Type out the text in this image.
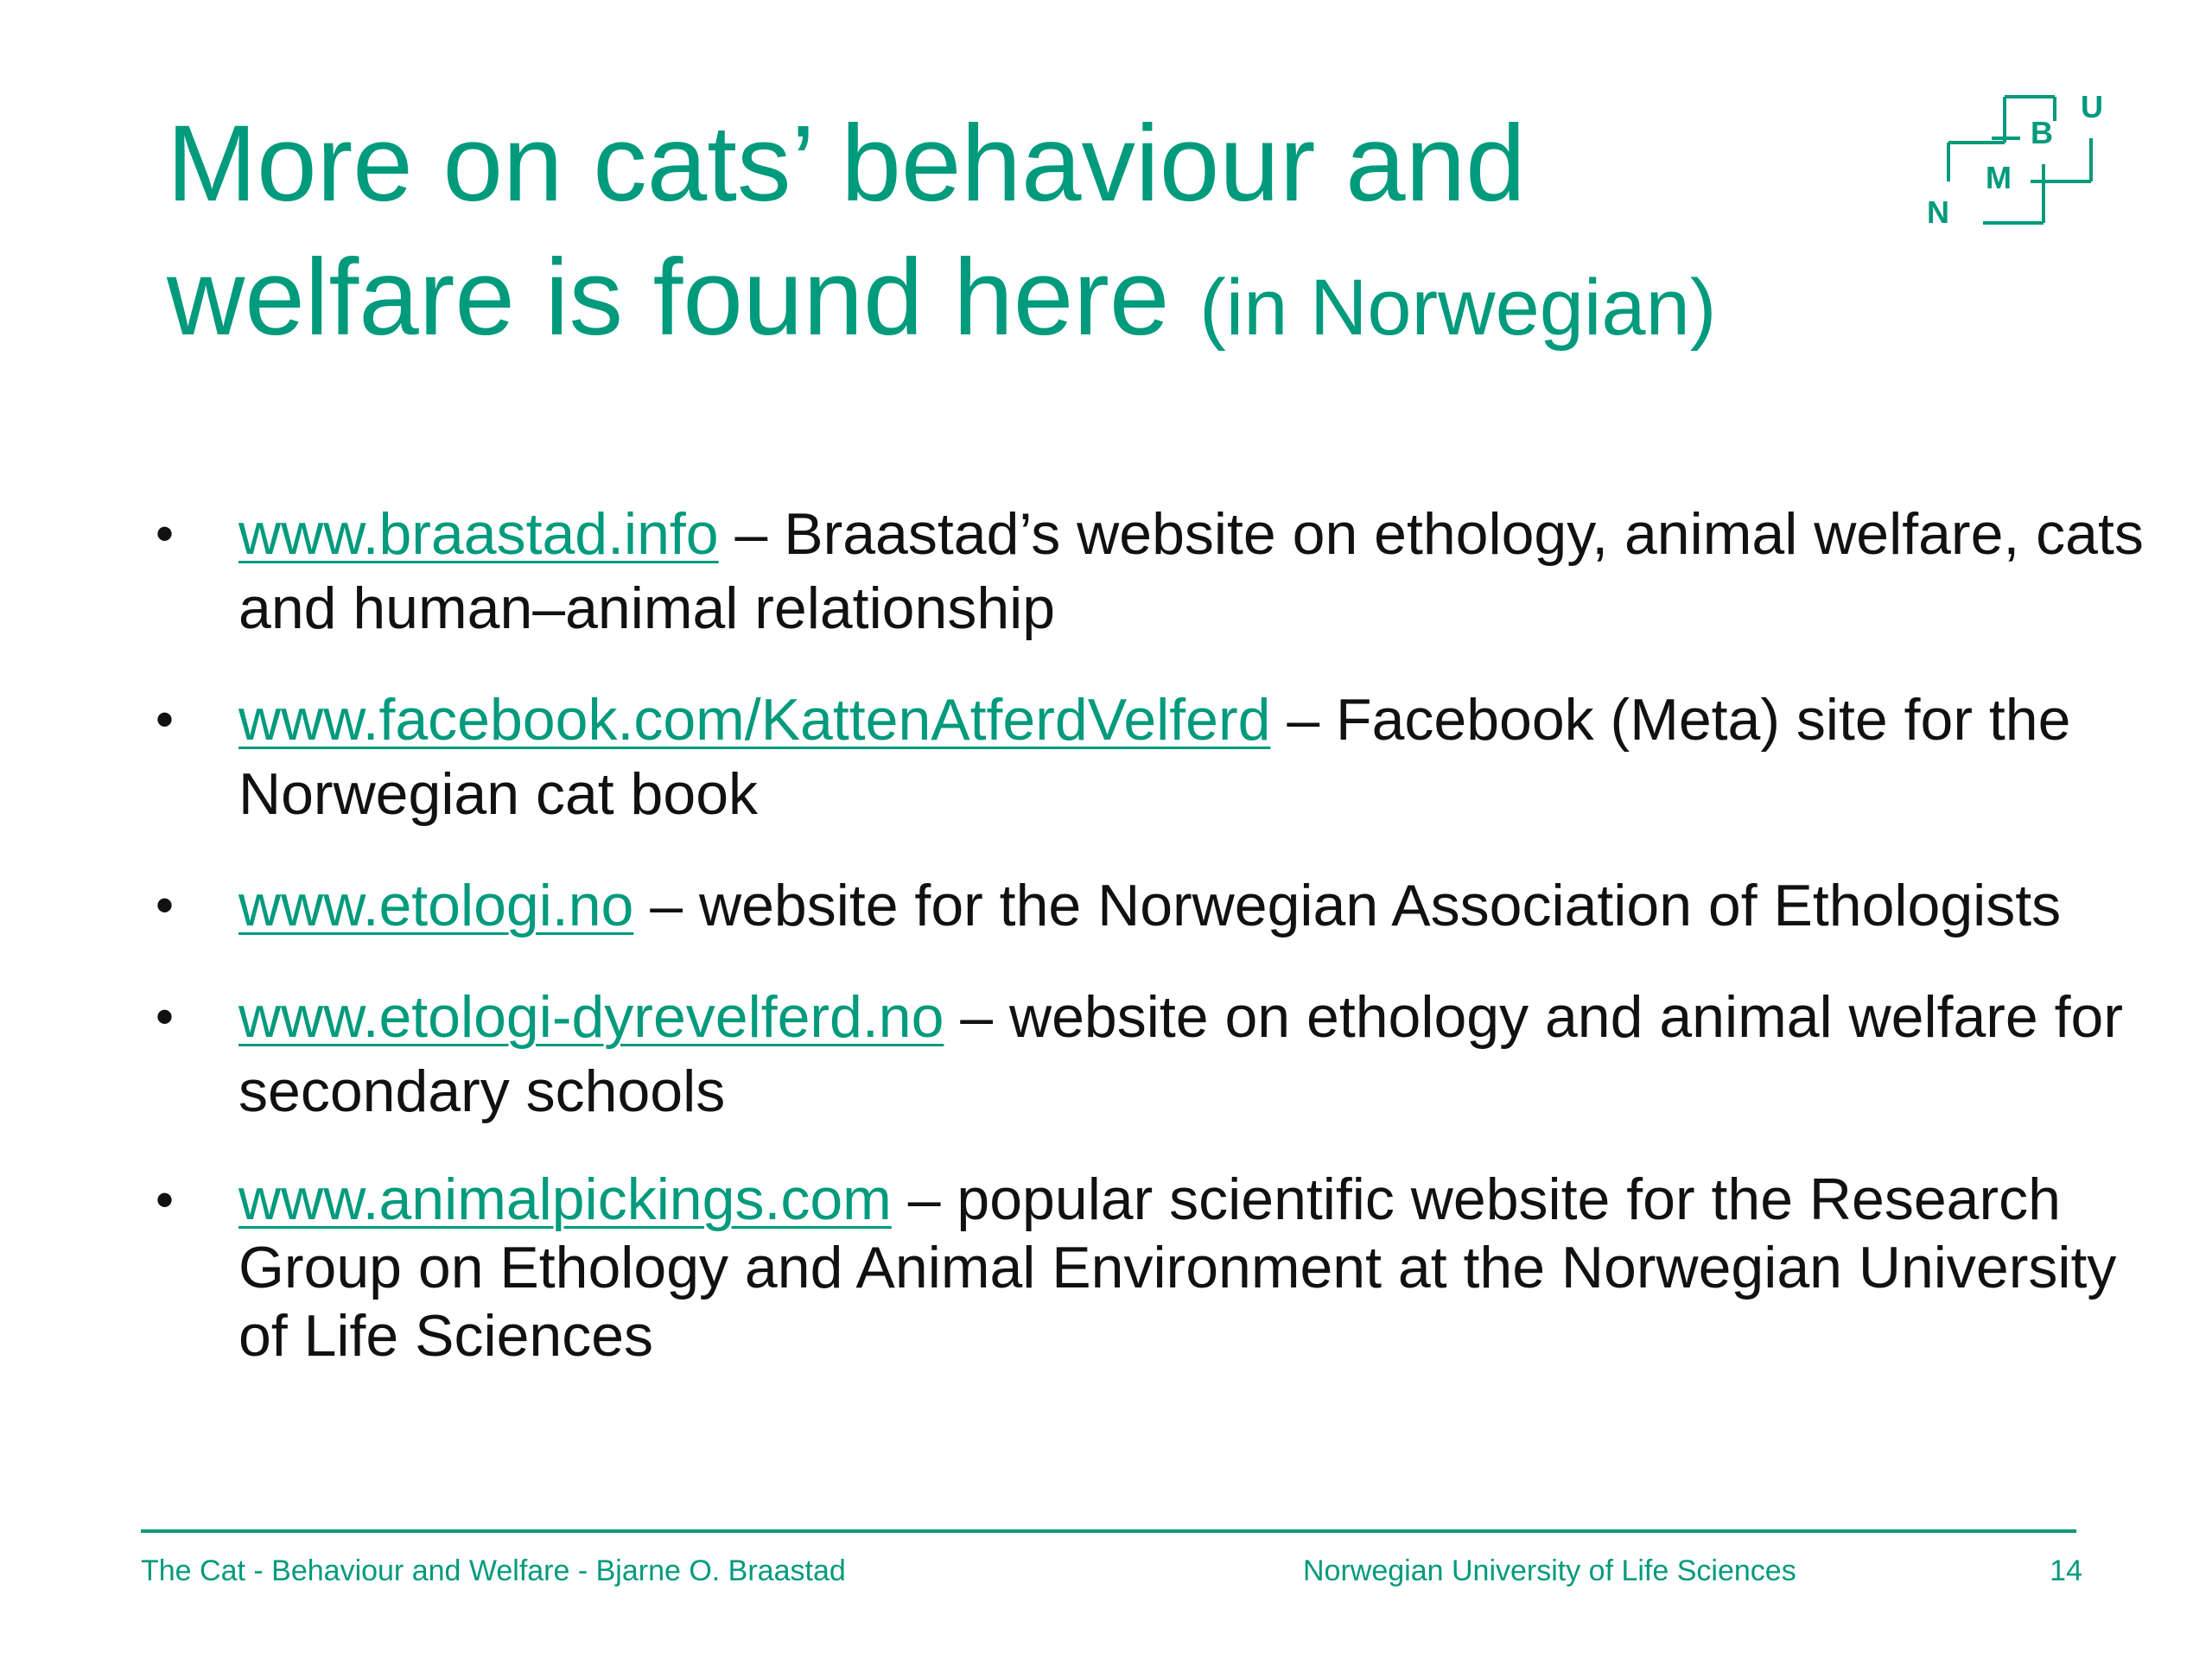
More on cats’ behaviour and welfare is found here (in Norwegian)
N
M
B
U
• www.braastad.info – Braastad’s website on ethology, animal welfare, cats and human–animal relationship
• www.facebook.com/KattenAtferdVelferd – Facebook (Meta) site for the Norwegian cat book
• www.etologi.no – website for the Norwegian Association of Ethologists
• www.etologi-dyrevelferd.no – website on ethology and animal welfare for secondary schools
• www.animalpickings.com – popular scientific website for the Research Group on Ethology and Animal Environment at the Norwegian University of Life Sciences
The Cat - Behaviour and Welfare - Bjarne O. Braastad	Norwegian University of Life Sciences	14
